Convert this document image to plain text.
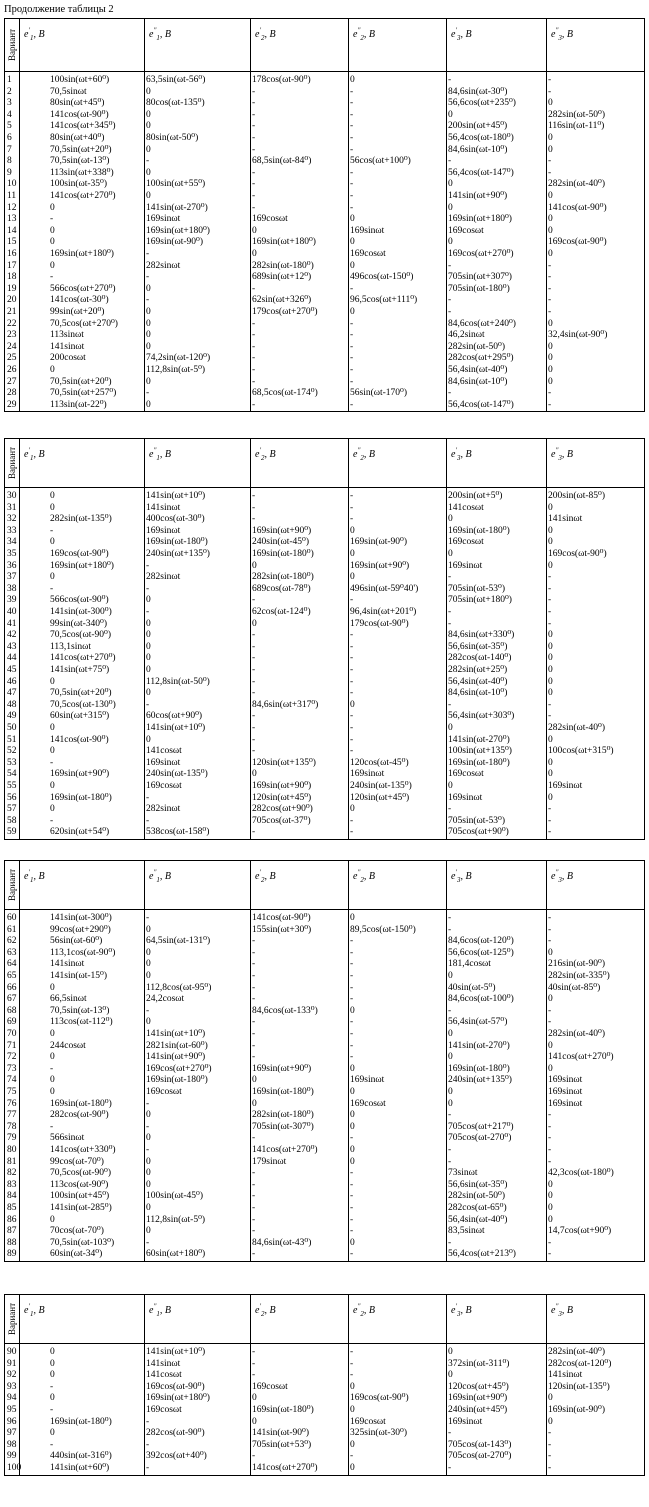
Продолжение таблицы 2
Вариант $e'_1$, B	$e^"_1$, B	$e'_2$, B	$e^"_2$, B	$e'_3$, B	$e^"_3$, B
1	100sin(ωt+60⁰)	63,5sin(ωt-56⁰)	178cos(ωt-90⁰)	0	-	-
2	70,5sinωt	0	-	-	84,6sin(ωt-30⁰)	-
3	80sin(ωt+45⁰)	80cos(ωt-135⁰)	-	-	56,6cos(ωt+235⁰)	0
4	141cos(ωt-90⁰)	0	-	-	0	282sin(ωt-50⁰)
5	141cos(ωt+345⁰)	0	-	-	200sin(ωt+45⁰)	116sin(ωt-11⁰)
6	80sin(ωt+40⁰)	80sin(ωt-50⁰)	-	-	56,4cos(ωt-180⁰)	0
7	70,5sin(ωt+20⁰)	0	-	-	84,6sin(ωt-10⁰)	0
8	70,5sin(ωt-13⁰)	-	68,5sin(ωt-84⁰)	56cos(ωt+100⁰)	-	-
9	113sin(ωt+338⁰)	0	-	-	56,4cos(ωt-147⁰)	-
10	100sin(ωt-35⁰)	100sin(ωt+55⁰)	-	-	0	282sin(ωt-40⁰)
11	141cos(ωt+270⁰)	0	-	-	141sin(ωt+90⁰)	0
12	0	141sin(ωt-270⁰)	-	-	0	141cos(ωt-90⁰)
13	-	169sinωt	169cosωt	0	169sin(ωt+180⁰)	0
14	0	169sin(ωt+180⁰)	0	169sinωt	169cosωt	0
15	0	169sin(ωt-90⁰)	169sin(ωt+180⁰)	0	0	169cos(ωt-90⁰)
16	169sin(ωt+180⁰)	-	0	169cosωt	169cos(ωt+270⁰)	0
17	0	282sinωt	282sin(ωt-180⁰)	0	-	-
18	-	-	689sin(ωt+12⁰)	496cos(ωt-150⁰)	705sin(ωt+307⁰)	-
19	566cos(ωt+270⁰)	0	-	-	705sin(ωt-180⁰)	-
20	141cos(ωt-30⁰)	-	62sin(ωt+326⁰)	96,5cos(ωt+111⁰)	-	-
21	99sin(ωt+20⁰)	0	179cos(ωt+270⁰)	0	-	-
22	70,5cos(ωt+270⁰)	0	-	-	84,6cos(ωt+240⁰)	0
23	113sinωt	0	-	-	46,2sinωt	32,4sin(ωt-90⁰)
24	141sinωt	0	-	-	282sin(ωt-50⁰)	0
25	200cosωt	74,2sin(ωt-120⁰)	-	-	282cos(ωt+295⁰)	0
26	0	112,8sin(ωt-5⁰)	-	-	56,4sin(ωt-40⁰)	0
27	70,5sin(ωt+20⁰)	0	-	-	84,6sin(ωt-10⁰)	0
28	70,5sin(ωt+257⁰)	-	68,5cos(ωt-174⁰)	56sin(ωt-170⁰)	-	-
29	113sin(ωt-22⁰)	0	-	-	56,4cos(ωt-147⁰)	-
Вариант $e'_1$, B	$e^"_1$, B	$e'_2$, B	$e^"_2$, B	$e'_3$, B	$e^"_3$, B
30	0	141sin(ωt+10⁰)	-	-	200sin(ωt+5⁰)	200sin(ωt-85⁰)
31	0	141sinωt	-	-	141cosωt	0
32	282sin(ωt-135⁰)	400cos(ωt-30⁰)	-	-	0	141sinωt
33	-	169sinωt	169sin(ωt+90⁰)	0	169sin(ωt-180⁰)	0
34	0	169sin(ωt-180⁰)	240sin(ωt-45⁰)	169sin(ωt-90⁰)	169cosωt	0
35	169cos(ωt-90⁰)	240sin(ωt+135⁰)	169sin(ωt-180⁰)	0	0	169cos(ωt-90⁰)
36	169sin(ωt+180⁰)	-	0	169sin(ωt+90⁰)	169sinωt	0
37	0	282sinωt	282sin(ωt-180⁰)	0	-	-
38	-	-	689cos(ωt-78⁰)	496sin(ωt-59⁰40')	705sin(ωt-53⁰)	-
39	566cos(ωt-90⁰)	0	-	-	705sin(ωt+180⁰)	-
40	141sin(ωt-300⁰)	-	62cos(ωt-124⁰)	96,4sin(ωt+201⁰)	-	-
41	99sin(ωt-340⁰)	0	0	179cos(ωt-90⁰)	-	-
42	70,5cos(ωt-90⁰)	0	-	-	84,6sin(ωt+330⁰)	0
43	113,1sinωt	0	-	-	56,6sin(ωt-35⁰)	0
44	141cos(ωt+270⁰)	0	-	-	282cos(ωt-140⁰)	0
45	141sin(ωt+75⁰)	0	-	-	282sin(ωt+25⁰)	0
46	0	112,8sin(ωt-50⁰)	-	-	56,4sin(ωt-40⁰)	0
47	70,5sin(ωt+20⁰)	0	-	-	84,6sin(ωt-10⁰)	0
48	70,5cos(ωt-130⁰)	-	84,6sin(ωt+317⁰)	0	-	-
49	60sin(ωt+315⁰)	60cos(ωt+90⁰)	-	-	56,4sin(ωt+303⁰)	-
50	0	141sin(ωt+10⁰)	-	-	0	282sin(ωt-40⁰)
51	141cos(ωt-90⁰)	0	-	-	141sin(ωt-270⁰)	0
52	0	141cosωt	-	-	100sin(ωt+135⁰)	100cos(ωt+315⁰)
53	-	169sinωt	120sin(ωt+135⁰)	120cos(ωt-45⁰)	169sin(ωt-180⁰)	0
54	169sin(ωt+90⁰)	240sin(ωt-135⁰)	0	169sinωt	169cosωt	0
55	0	169cosωt	169sin(ωt+90⁰)	240sin(ωt-135⁰)	0	169sinωt
56	169sin(ωt-180⁰)	-	120sin(ωt+45⁰)	120sin(ωt+45⁰)	169sinωt	0
57	0	282sinωt	282cos(ωt+90⁰)	0	-	-
58	-	-	705cos(ωt-37⁰)	-	705sin(ωt-53⁰)	-
59	620sin(ωt+54⁰)	538cos(ωt-158⁰)	-	-	705cos(ωt+90⁰)	-
Вариант $e'_1$, B	$e^"_1$, B	$e'_2$, B	$e^"_2$, B	$e'_3$, B	$e^"_3$, B
60	141sin(ωt-300⁰)	-	141cos(ωt-90⁰)	0	-	-
61	99cos(ωt+290⁰)	0	155sin(ωt+30⁰)	89,5cos(ωt-150⁰)	-	-
62	56sin(ωt-60⁰)	64,5sin(ωt-131⁰)	-	-	84,6cos(ωt-120⁰)	-
63	113,1cos(ωt-90⁰)	0	-	-	56,6cos(ωt-125⁰)	0
64	141sinωt	0	-	-	181,4cosωt	216sin(ωt-90⁰)
65	141sin(ωt-15⁰)	0	-	-	0	282sin(ωt-335⁰)
66	0	112,8cos(ωt-95⁰)	-	-	40sin(ωt-5⁰)	40sin(ωt-85⁰)
67	66,5sinωt	24,2cosωt	-	-	84,6cos(ωt-100⁰)	0
68	70,5sin(ωt-13⁰)	-	84,6cos(ωt-133⁰)	0	-	-
69	113cos(ωt-112⁰)	0	-	-	56,4sin(ωt-57⁰)	-
70	0	141sin(ωt+10⁰)	-	-	0	282sin(ωt-40⁰)
71	244cosωt	2821sin(ωt-60⁰)	-	-	141sin(ωt-270⁰)	0
72	0	141sin(ωt+90⁰)	-	-	0	141cos(ωt+270⁰)
73	-	169cos(ωt+270⁰)	169sin(ωt+90⁰)	0	169sin(ωt-180⁰)	0
74	0	169sin(ωt-180⁰)	0	169sinωt	240sin(ωt+135⁰)	169sinωt
75	0	169cosωt	169sin(ωt-180⁰)	0	0	169sinωt
76	169sin(ωt-180⁰)	-	0	169cosωt	0	169sinωt
77	282cos(ωt-90⁰)	0	282sin(ωt-180⁰)	0	-	-
78	-	-	705sin(ωt-307⁰)	0	705cos(ωt+217⁰)	-
79	566sinωt	0	-	-	705cos(ωt-270⁰)	-
80	141cos(ωt+330⁰)	-	141cos(ωt+270⁰)	0	-	-
81	99cos(ωt-70⁰)	0	179sinωt	0	-	-
82	70,5cos(ωt-90⁰)	0	-	-	73sinωt	42,3cos(ωt-180⁰)
83	113cos(ωt-90⁰)	0	-	-	56,6sin(ωt-35⁰)	0
84	100sin(ωt+45⁰)	100sin(ωt-45⁰)	-	-	282sin(ωt-50⁰)	0
85	141sin(ωt-285⁰)	0	-	-	282cos(ωt-65⁰)	0
86	0	112,8sin(ωt-5⁰)	-	-	56,4sin(ωt-40⁰)	0
87	70cos(ωt-70⁰)	0	-	-	83,5sinωt	14,7cos(ωt+90⁰)
88	70,5sin(ωt-103⁰)	-	84,6sin(ωt-43⁰)	0	-	-
89	60sin(ωt-34⁰)	60sin(ωt+180⁰)	-	-	56,4cos(ωt+213⁰)	-
Вариант $e'_1$, B	$e^"_1$, B	$e'_2$, B	$e^"_2$, B	$e'_3$, B	$e^"_3$, B
90	0	141sin(ωt+10⁰)	-	-	0	282sin(ωt-40⁰)
91	0	141sinωt	-	-	372sin(ωt-311⁰)	282cos(ωt-120⁰)
92	0	141cosωt	-	-	0	141sinωt
93	-	169cos(ωt-90⁰)	169cosωt	0	120cos(ωt+45⁰)	120sin(ωt-135⁰)
94	0	169sin(ωt+180⁰)	0	169cos(ωt-90⁰)	169sin(ωt+90⁰)	0
95	-	169cosωt	169sin(ωt-180⁰)	0	240sin(ωt+45⁰)	169sin(ωt-90⁰)
96	169sin(ωt-180⁰)	-	0	169cosωt	169sinωt	0
97	0	282cos(ωt-90⁰)	141sin(ωt-90⁰)	325sin(ωt-30⁰)	-	-
98	-	-	705sin(ωt+53⁰)	0	705cos(ωt-143⁰)	-
99	440sin(ωt-316⁰)	392cos(ωt+40⁰)	-	-	705cos(ωt-270⁰)	-
100	141sin(ωt+60⁰)	-	141cos(ωt+270⁰)	0	-	-
